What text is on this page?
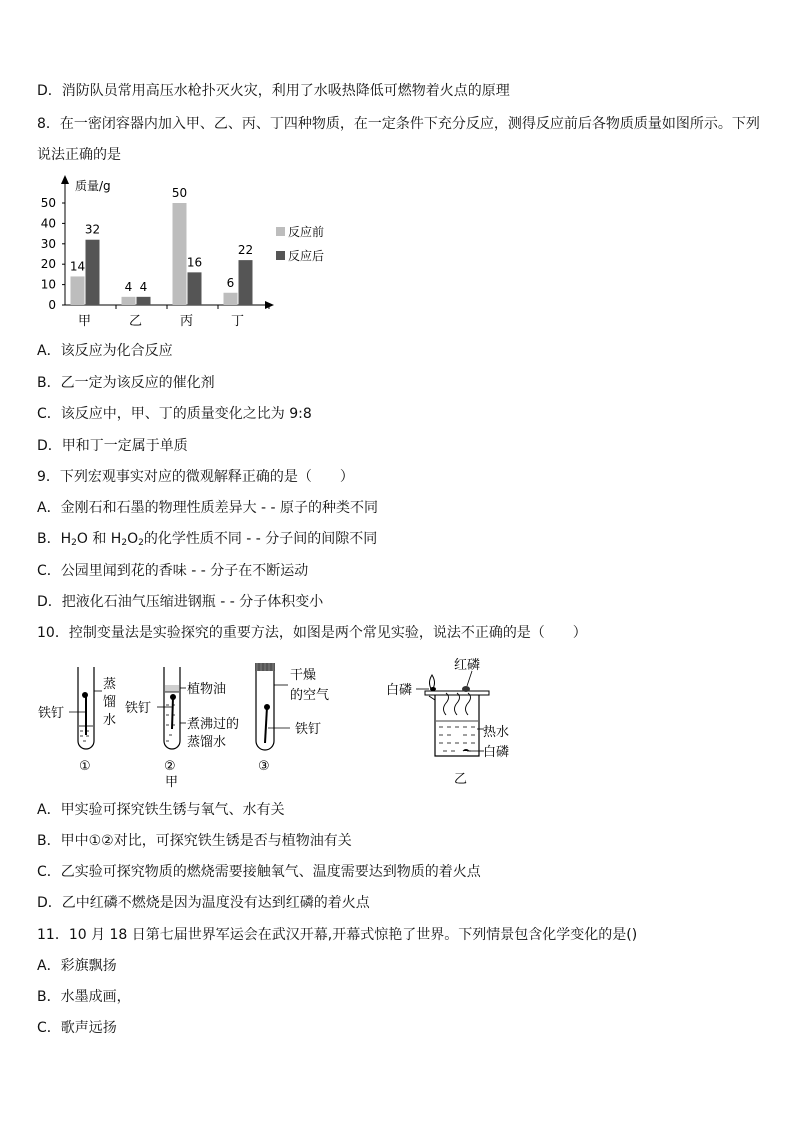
D．消防队员常用高压水枪扑灭火灾，利用了水吸热降低可燃物着火点的原理
8．在一密闭容器内加入甲、乙、丙、丁四种物质，在一定条件下充分反应，测得反应前后各物质质量如图所示。下列
说法正确的是
质量/g
0
10
20
30
40
50
甲
14
32
乙
4 4
丙
50
16
丁
6
22
反应前
反应后
A．该反应为化合反应
B．乙一定为该反应的催化剂
C．该反应中，甲、丁的质量变化之比为 9:8
D．甲和丁一定属于单质
9．下列宏观事实对应的微观解释正确的是（　　）
A．金刚石和石墨的物理性质差异大 - - 原子的种类不同
B．$H_2O$ 和 $H_2O_2$的化学性质不同 - - 分子间的间隙不同
C．公园里闻到花的香味 - - 分子在不断运动
D．把液化石油气压缩进钢瓶 - - 分子体积变小
10．控制变量法是实验探究的重要方法，如图是两个常见实验，说法不正确的是（　　）
铁钉
蒸
馏
水
①
铁钉
植物油
煮沸过的
蒸馏水
②
甲
干燥
的空气
铁钉
③
红磷
白磷
热水
白磷
乙
A．甲实验可探究铁生锈与氧气、水有关
B．甲中①②对比，可探究铁生锈是否与植物油有关
C．乙实验可探究物质的燃烧需要接触氧气、温度需要达到物质的着火点
D．乙中红磷不燃烧是因为温度没有达到红磷的着火点
11．10 月 18 日第七届世界军运会在武汉开幕,开幕式惊艳了世界。下列情景包含化学变化的是()
A．彩旗飘扬
B．水墨成画，
C．歌声远扬
